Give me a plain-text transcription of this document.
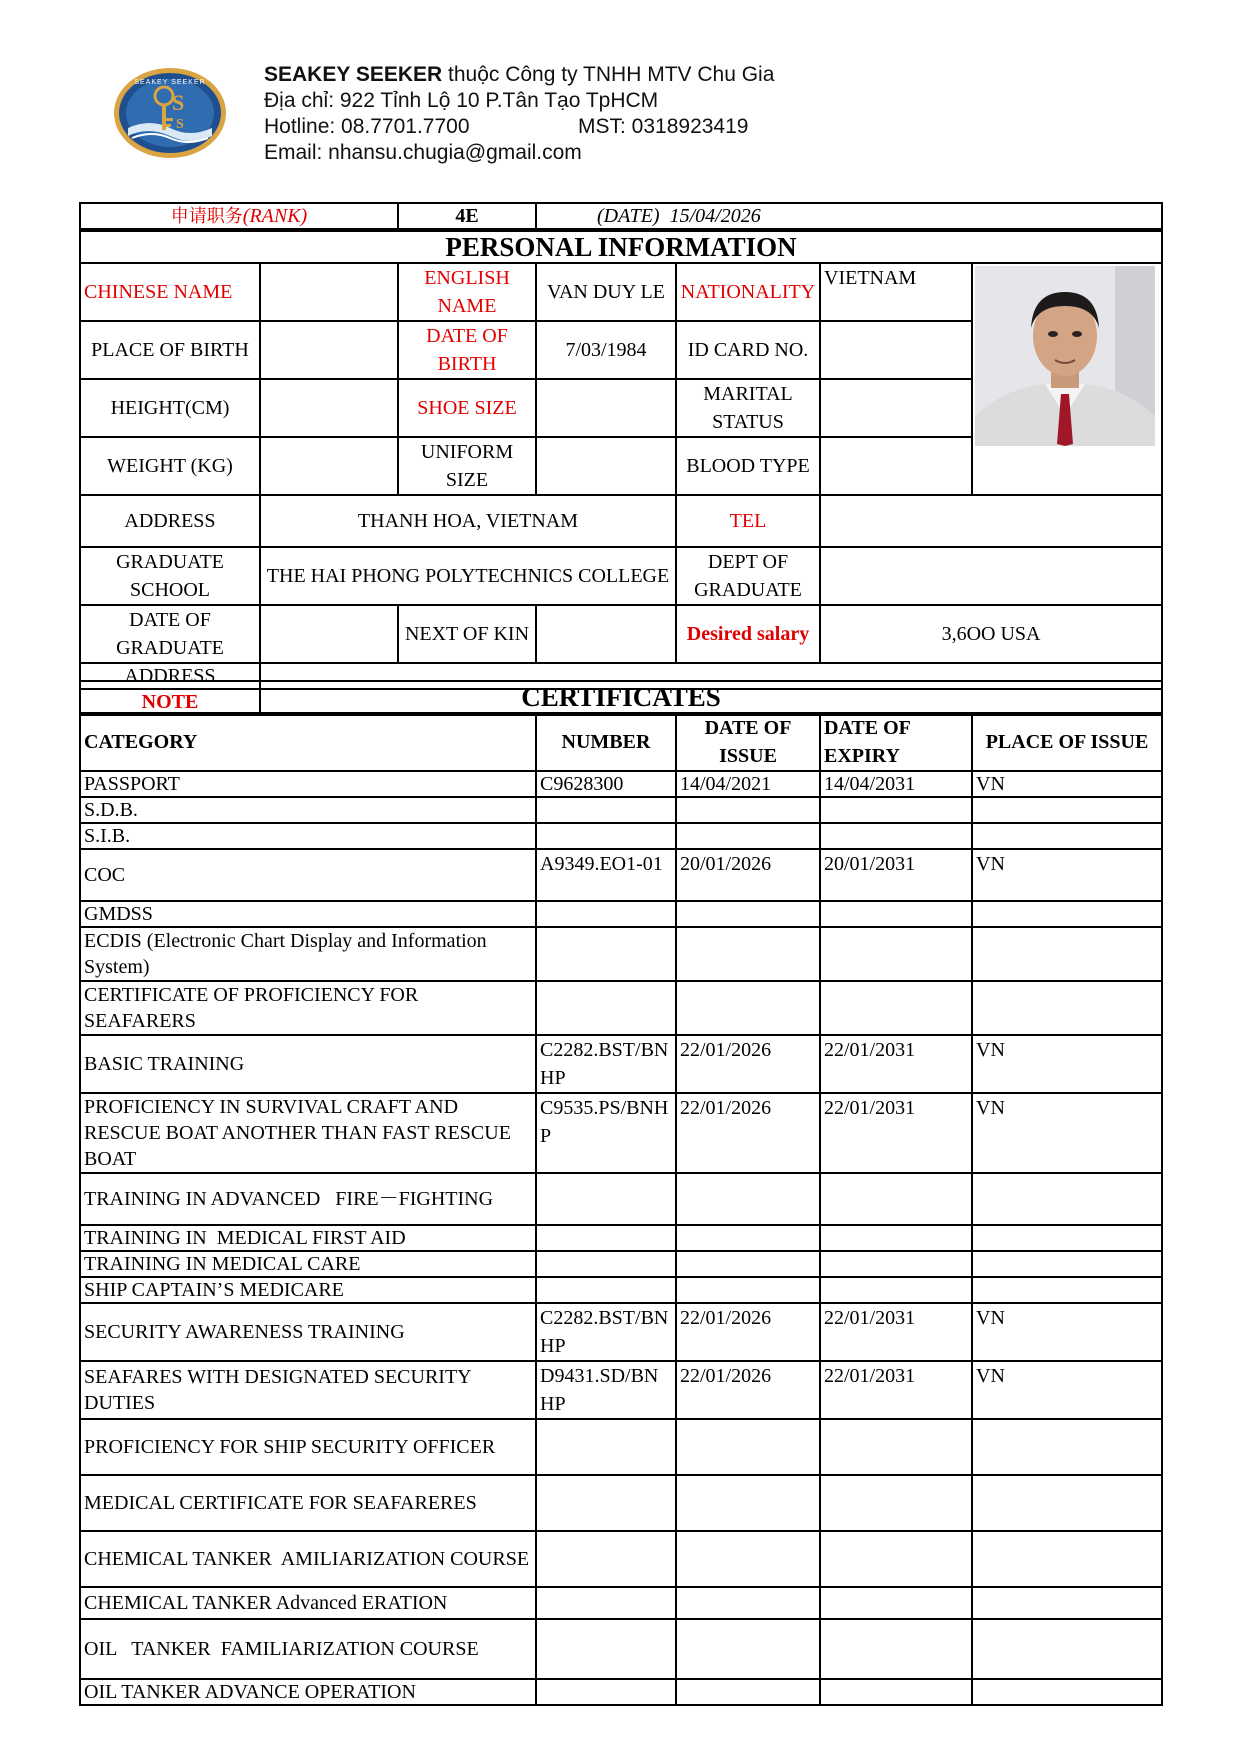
S
S
SEAKEY SEEKER	SEAKEY SEEKER thuộc Công ty TNHH MTV Chu Gia
Địa chỉ: 922 Tỉnh Lộ 10 P.Tân Tạo TpHCM
Hotline: 08.7701.7700	MST: 0318923419
Email: nhansu.chugia@gmail.com
申请职务(RANK)	4E	(DATE) 15/04/2026
PERSONAL INFORMATION						
CHINESE NAME		ENGLISH NAME	VAN DUY LE	NATIONALITY	VIETNAM	
PLACE OF BIRTH		DATE OF BIRTH	7/03/1984	ID CARD NO.		
HEIGHT(CM)		SHOE SIZE		MARITAL STATUS		
WEIGHT (KG)		UNIFORM SIZE		BLOOD TYPE		
ADDRESS	THANH HOA, VIETNAM			TEL		
GRADUATE SCHOOL	THE HAI PHONG POLYTECHNICS COLLEGE			DEPT OF GRADUATE		
DATE OF GRADUATE		NEXT OF KIN		Desired salary	3,6OO USA	
ADDRESS						
NOTE							CERTIFICATES				
CATEGORY	NUMBER	DATE OF ISSUE	DATE OF EXPIRY	PLACE OF ISSUE
PASSPORT	C9628300	14/04/2021	14/04/2031	VN
S.D.B.				
S.I.B.				
COC	A9349.EO1-01	20/01/2026	20/01/2031	VN
GMDSS				
ECDIS (Electronic Chart Display and Information System)				
CERTIFICATE OF PROFICIENCY FOR SEAFARERS				
BASIC TRAINING	C2282.BST/BNHP	22/01/2026	22/01/2031	VN
PROFICIENCY IN SURVIVAL CRAFT AND RESCUE BOAT ANOTHER THAN FAST RESCUE BOAT	C9535.PS/BNHP	22/01/2026	22/01/2031	VN
TRAINING IN ADVANCED   FIRE－FIGHTING				
TRAINING IN  MEDICAL FIRST AID				
TRAINING IN MEDICAL CARE				
SHIP CAPTAIN’S MEDICARE				
SECURITY AWARENESS TRAINING	C2282.BST/BNHP	22/01/2026	22/01/2031	VN
SEAFARES WITH DESIGNATED SECURITY DUTIES	D9431.SD/BNHP	22/01/2026	22/01/2031	VN
PROFICIENCY FOR SHIP SECURITY OFFICER				
MEDICAL CERTIFICATE FOR SEAFARERES				
CHEMICAL TANKER  AMILIARIZATION COURSE				
CHEMICAL TANKER Advanced ERATION				
OIL   TANKER  FAMILIARIZATION COURSE				
OIL TANKER ADVANCE OPERATION				
